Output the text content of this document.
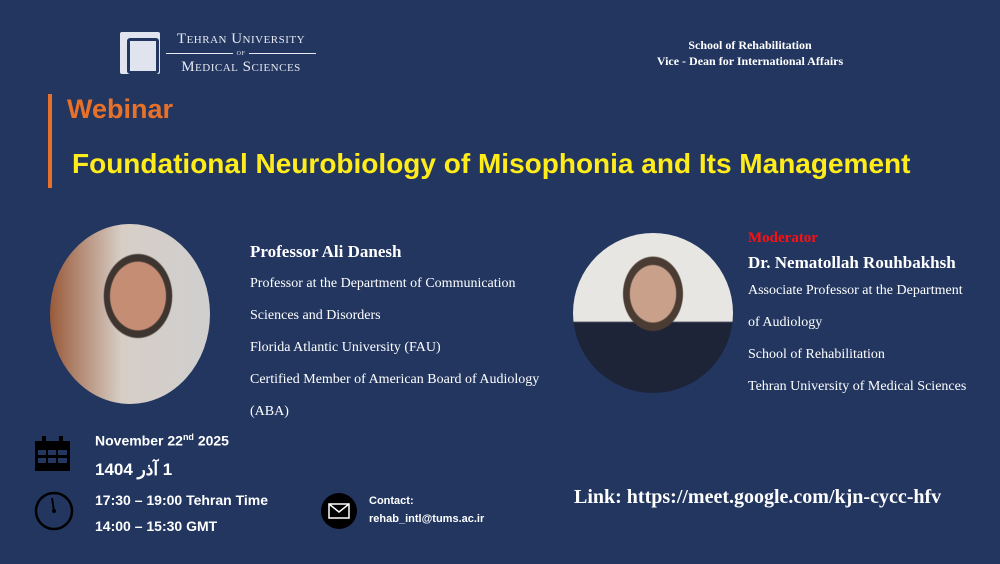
Tehran University
of
Medical Sciences
School of Rehabilitation
Vice - Dean for International Affairs
Webinar
Foundational Neurobiology of Misophonia and Its Management
Professor Ali Danesh
Professor at the Department of Communication
Sciences and Disorders
Florida Atlantic University (FAU)
Certified Member of American Board of Audiology
(ABA)
Moderator
Dr. Nematollah Rouhbakhsh
Associate Professor at the Department
of Audiology
School of Rehabilitation
Tehran University of Medical Sciences
November 22nd 2025
1 آذر 1404
17:30 – 19:00 Tehran Time
14:00 – 15:30 GMT
Contact:
rehab_intl@tums.ac.ir
Link: https://meet.google.com/kjn-cycc-hfv
